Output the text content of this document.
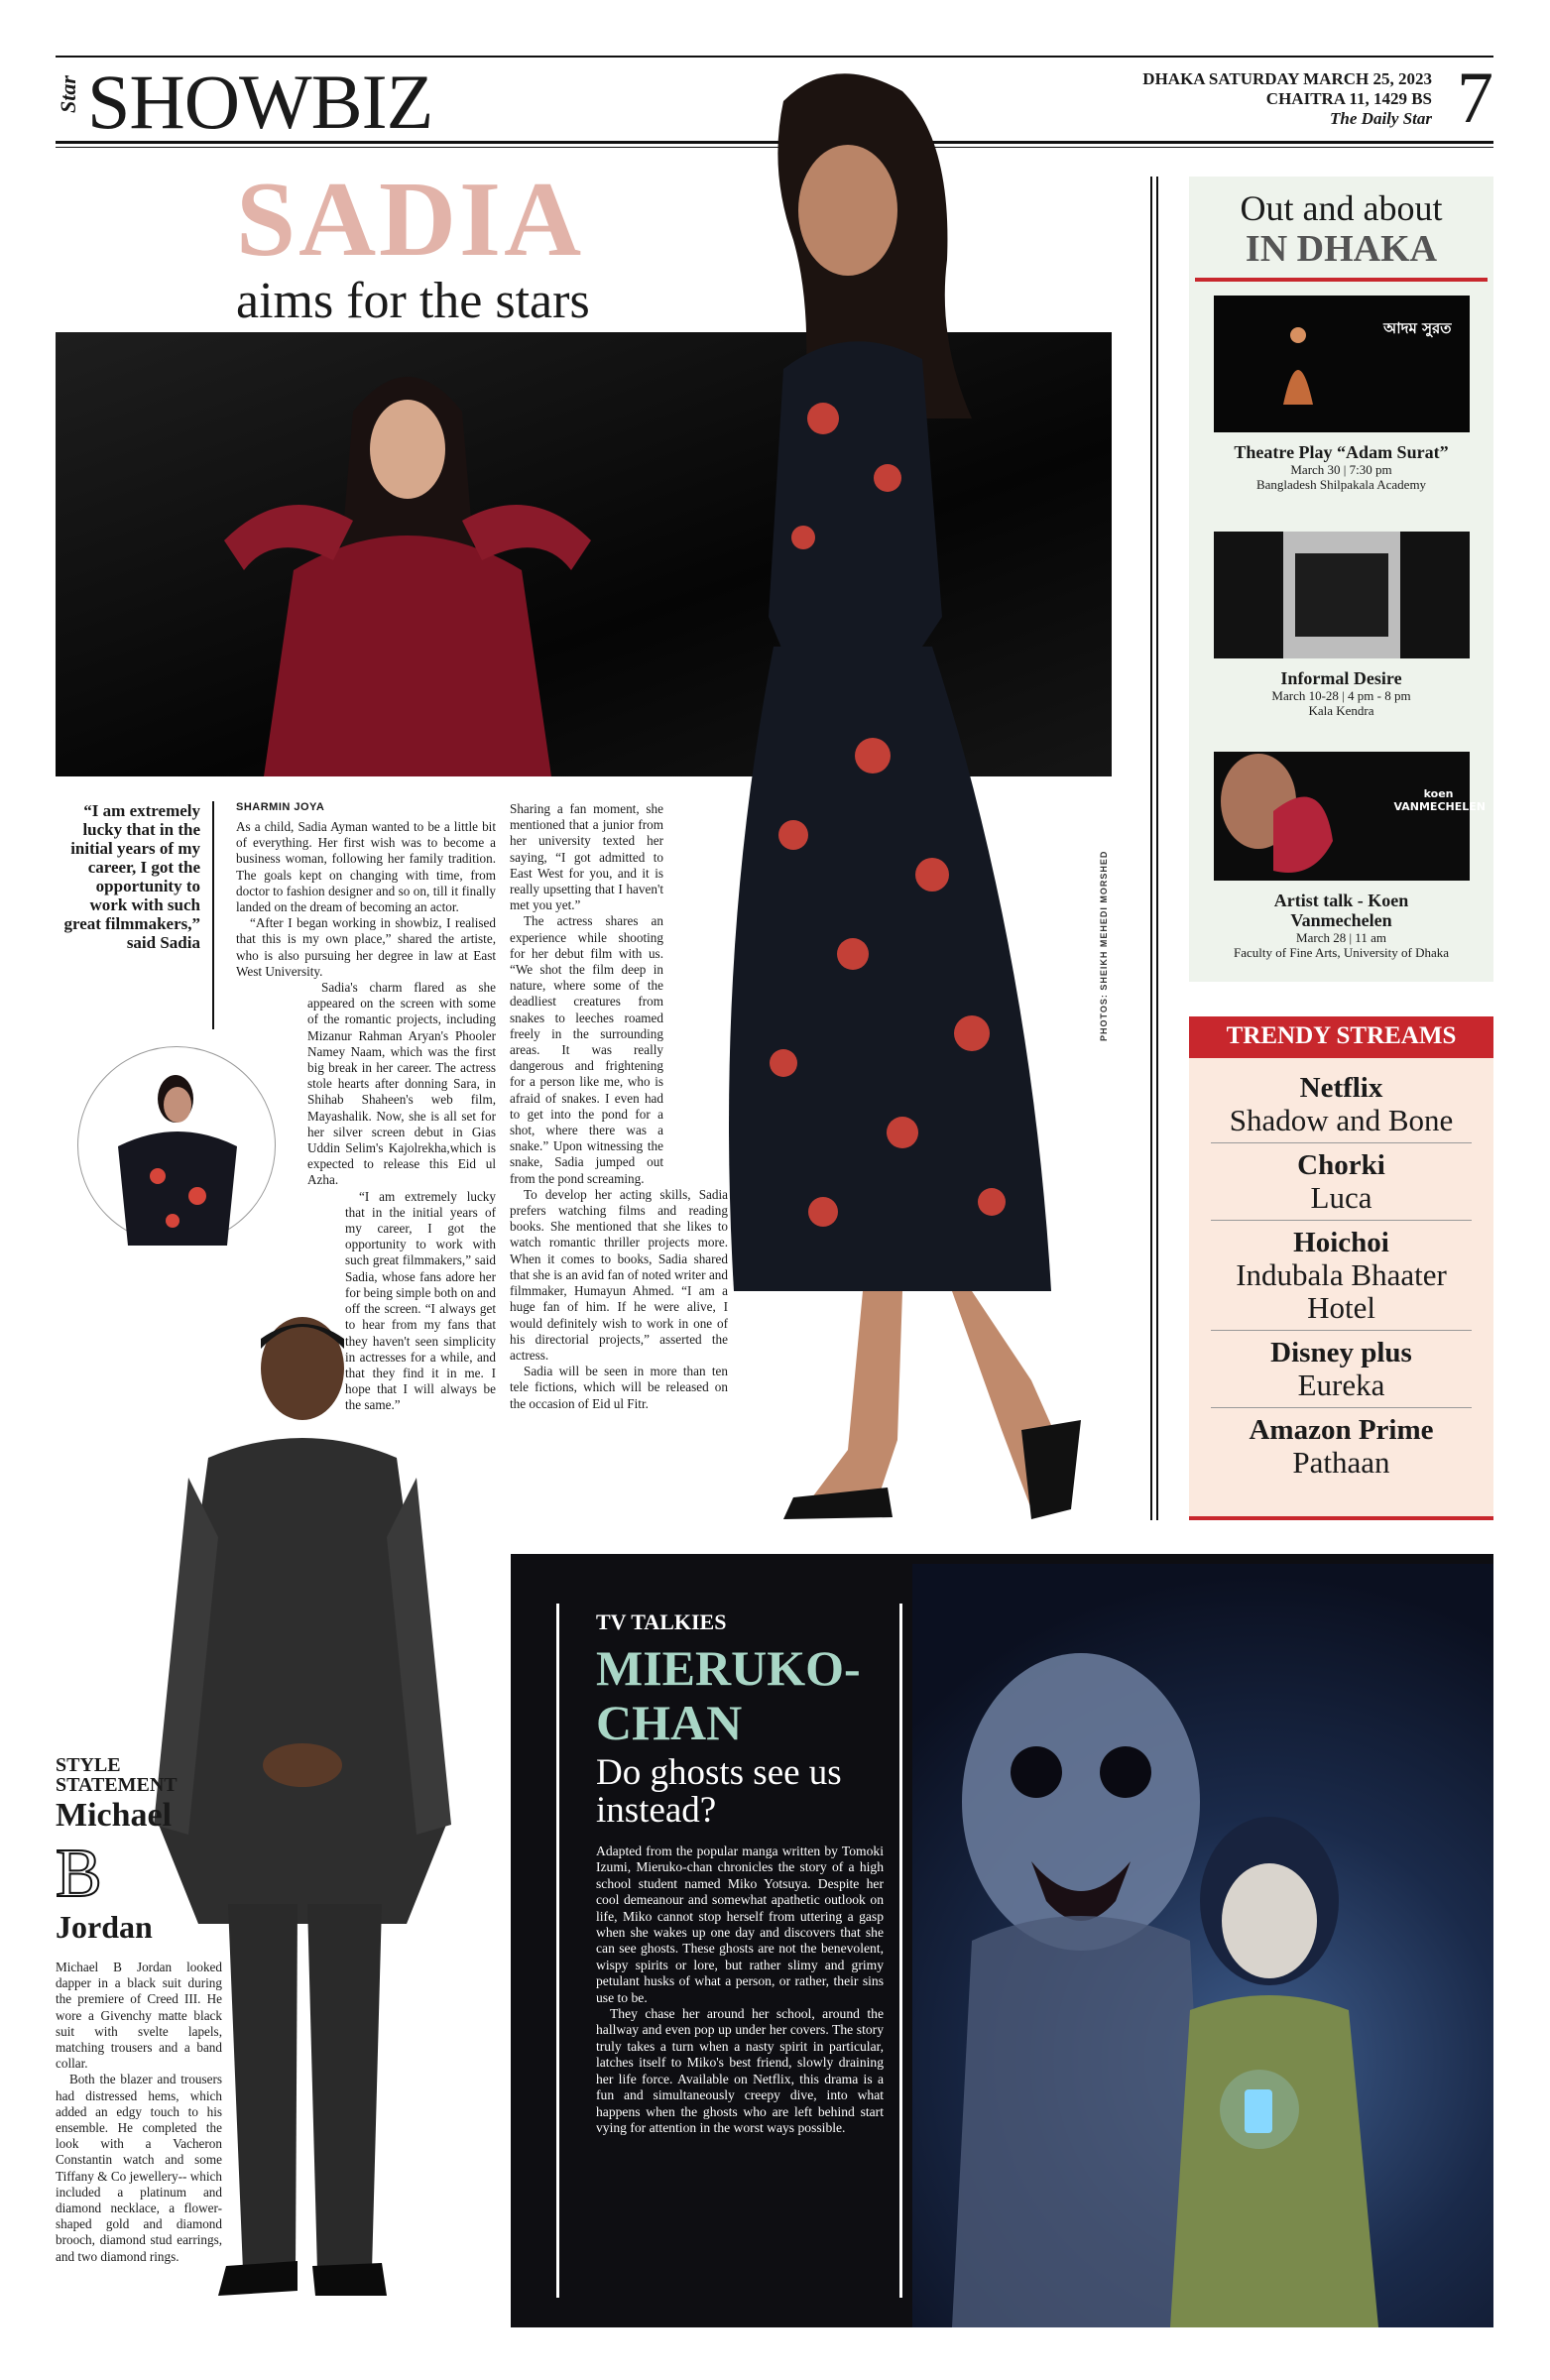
Star SHOWBIZ	DHAKA SATURDAY MARCH 25, 2023
CHAITRA 11, 1429 BS
The Daily Star 7
SADIA
aims for the stars
PHOTOS: SHEIKH MEHEDI MORSHED
“I am extremely lucky that in the initial years of my career, I got the opportunity to work with such great filmmakers,” said Sadia
SHARMIN JOYA

As a child, Sadia Ayman wanted to be a little bit of everything. Her first wish was to become a business woman, following her family tradition. The goals kept on changing with time, from doctor to fashion designer and so on, till it finally landed on the dream of becoming an actor.

“After I began working in showbiz, I realised that this is my own place,” shared the artiste, who is also pursuing her degree in law at East West University.

Sadia's charm flared as she appeared on the screen with some of the romantic projects, including Mizanur Rahman Aryan's Phooler Namey Naam, which was the first big break in her career. The actress stole hearts after donning Sara, in Shihab Shaheen's web film, Mayashalik. Now, she is all set for her silver screen debut in Gias Uddin Selim's Kajolrekha,which is expected to release this Eid ul Azha.

“I am extremely lucky that in the initial years of my career, I got the opportunity to work with such great filmmakers,” said Sadia, whose fans adore her for being simple both on and off the screen. “I always get to hear from my fans that they haven't seen simplicity in actresses for a while, and that they find it in me. I hope that I will always be the same.”

Sharing a fan moment, she mentioned that a junior from her university texted her saying, “I got admitted to East West for you, and it is really upsetting that I haven't met you yet.”

The actress shares an experience while shooting for her debut film with us. “We shot the film deep in nature, where some of the deadliest creatures from snakes to leeches roamed freely in the surrounding areas. It was really dangerous and frightening for a person like me, who is afraid of snakes. I even had to get into the pond for a shot, where there was a snake.” Upon witnessing the snake, Sadia jumped out from the pond screaming.

To develop her acting skills, Sadia prefers watching films and reading books. She mentioned that she likes to watch romantic thriller projects more. When it comes to books, Sadia shared that she is an avid fan of noted writer and filmmaker, Humayun Ahmed. “I am a huge fan of him. If he were alive, I would definitely wish to work in one of his directorial projects,” asserted the actress.

Sadia will be seen in more than ten tele fictions, which will be released on the occasion of Eid ul Fitr.

Out and about
IN DHAKA
আদম সুরত
Theatre Play “Adam Surat”
March 30 | 7:30 pm
Bangladesh Shilpakala Academy
Informal Desire
March 10-28 | 4 pm - 8 pm
Kala Kendra
koen VANMECHELEN
Artist talk - Koen Vanmechelen
March 28 | 11 am
Faculty of Fine Arts, University of Dhaka
TRENDY STREAMS
Netflix
Shadow and Bone
Chorki
Luca
Hoichoi
Indubala Bhaater Hotel
Disney plus
Eureka
Amazon Prime
Pathaan
STYLE
STATEMENT
Michael
B
Jordan

Michael B Jordan looked dapper in a black suit during the premiere of Creed III. He wore a Givenchy matte black suit with svelte lapels, matching trousers and a band collar.

Both the blazer and trousers had distressed hems, which added an edgy touch to his ensemble. He completed the look with a Vacheron Constantin watch and some Tiffany & Co jewellery-- which included a platinum and diamond necklace, a flower-shaped gold and diamond brooch, diamond stud earrings, and two diamond rings.

TV TALKIES
MIERUKO-
CHAN
Do ghosts see us instead?

Adapted from the popular manga written by Tomoki Izumi, Mieruko-chan chronicles the story of a high school student named Miko Yotsuya. Despite her cool demeanour and somewhat apathetic outlook on life, Miko cannot stop herself from uttering a gasp when she wakes up one day and discovers that she can see ghosts. These ghosts are not the benevolent, wispy spirits or lore, but rather slimy and grimy petulant husks of what a person, or rather, their sins use to be.

They chase her around her school, around the hallway and even pop up under her covers. The story truly takes a turn when a nasty spirit in particular, latches itself to Miko's best friend, slowly draining her life force. Available on Netflix, this drama is a fun and simultaneously creepy dive, into what happens when the ghosts who are left behind start vying for attention in the worst ways possible.
